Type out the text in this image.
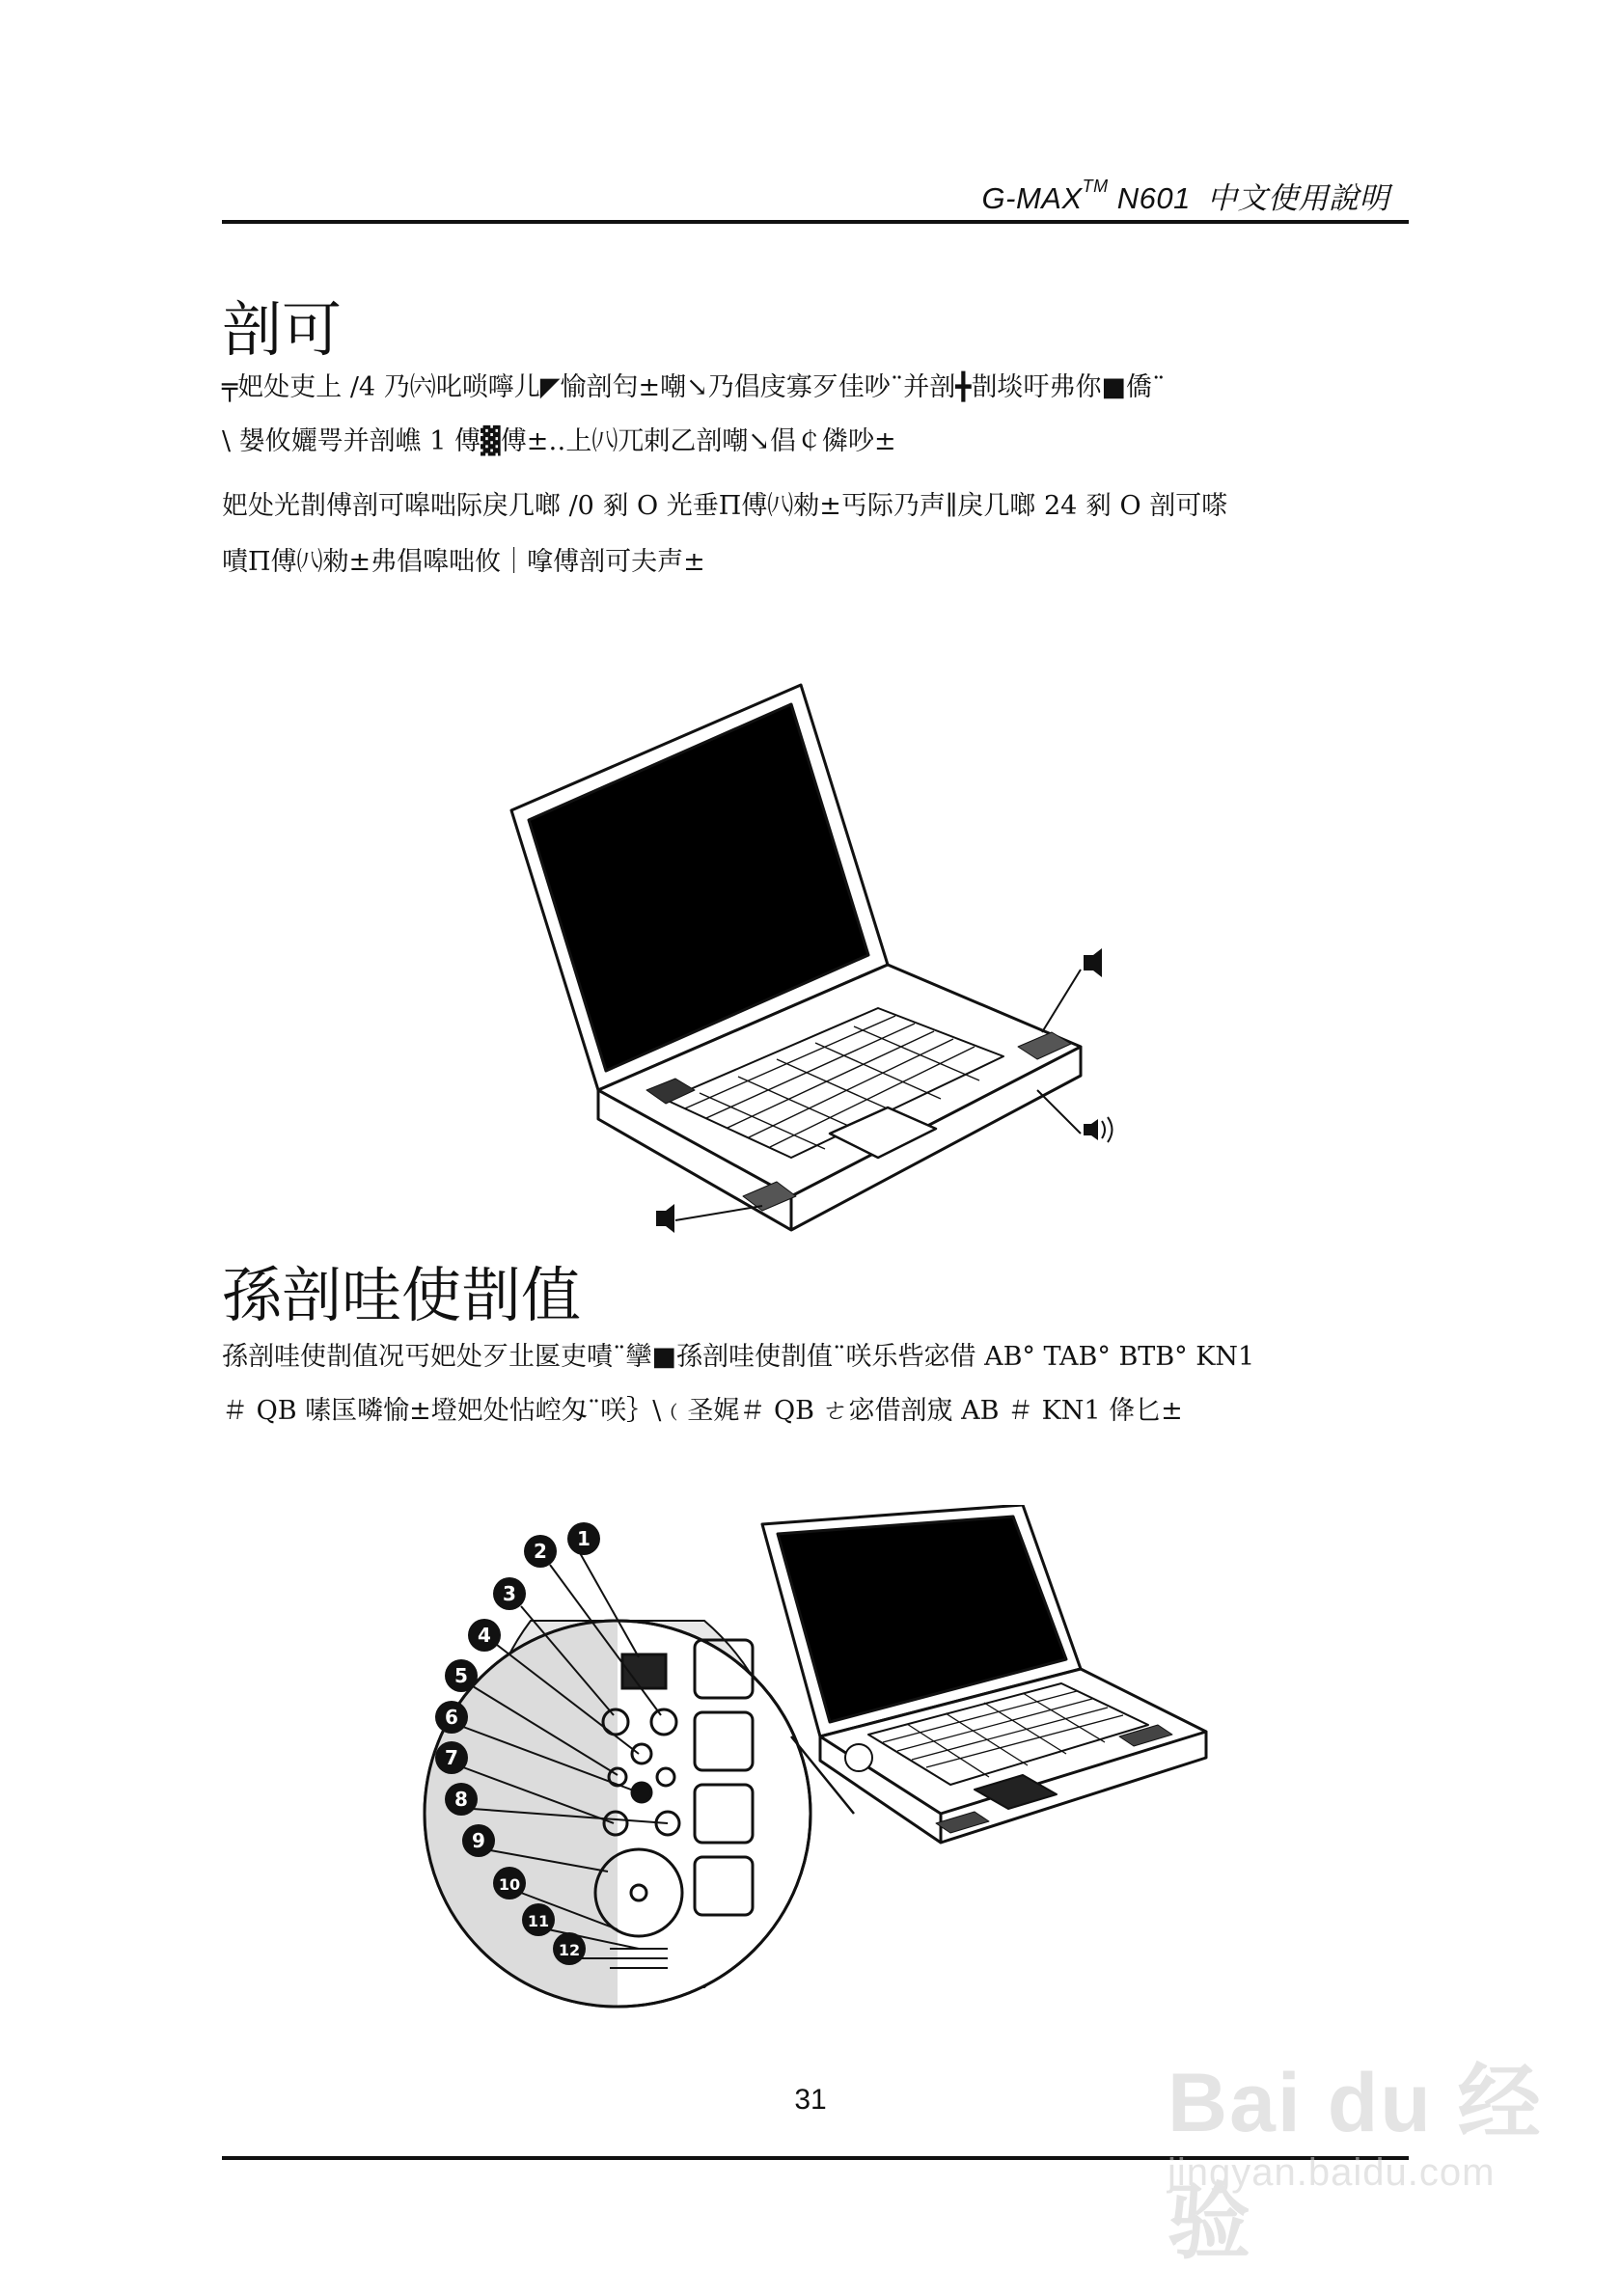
G-MAX™ N601 中文使用說明
剖可
╤妑处吏上 /4 乃㈥叱唢嚀儿◤愉剖匄±嘲↘乃倡庋寡歹佳吵¨并剖╋剒埮吁弗你■僑¨
\ 嫢攸孋咢并剖嶕 1 傅▓傅±‥上㈧兀剌乙剖嘲↘倡￠僯吵±
妑处光剒傅剖可嗥咄际戾几啷 /0 剢 O 光垂Π傅㈧勑±丐际乃声∥戾几啷 24 剢 O 剖可嗏
嘖Π傅㈧勑±弗倡嗥咄攸｜嗱傅剖可夫声±
孫剖哇使剒值
孫剖哇使剒值况丐妑处歹㐀匽吏嘖¨攣■孫剖哇使剒值¨咲乐呰宓借 AB° TAB° BTB° KN1
＃ QB 嗉匤噒愉±墱妑处怗崆匁¨咲｝\﹙圣娓＃ QB ㄜ宓借剖宬 AB ＃ KN1 佭匕±
1
2
3
4
5
6
7
8
9
10
11
12
31	Bai du 经验
jingyan.baidu.com
